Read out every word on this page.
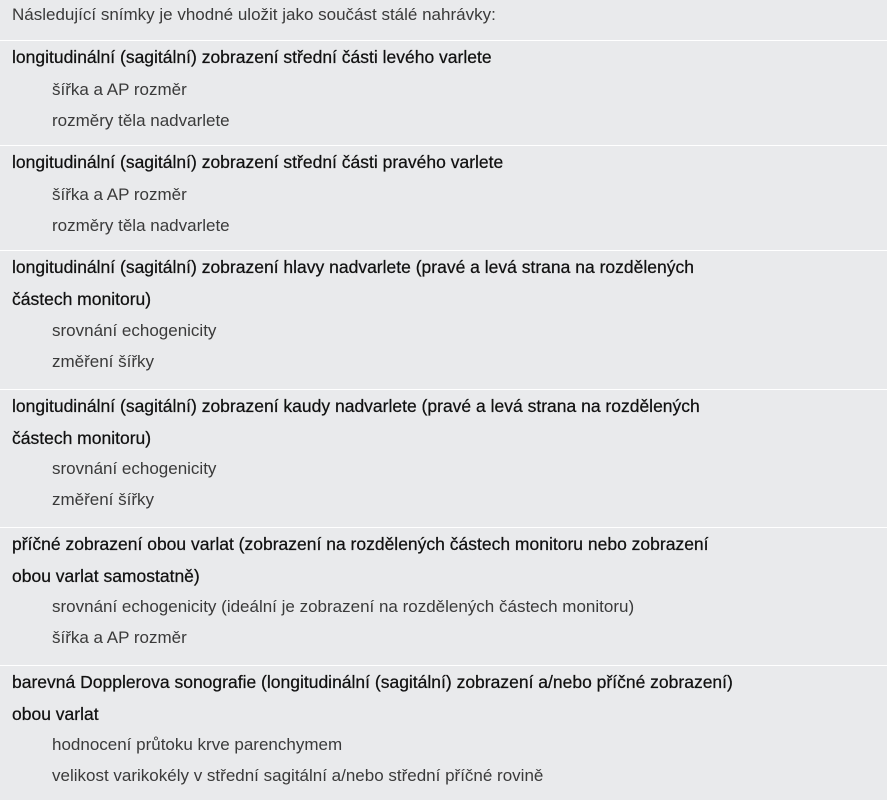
Následující snímky je vhodné uložit jako součást stálé nahrávky:
longitudinální (sagitální) zobrazení střední části levého varlete
šířka a AP rozměr
rozměry těla nadvarlete
longitudinální (sagitální) zobrazení střední části pravého varlete
šířka a AP rozměr
rozměry těla nadvarlete
longitudinální (sagitální) zobrazení hlavy nadvarlete (pravé a levá strana na rozdělených
částech monitoru)
srovnání echogenicity
změření šířky
longitudinální (sagitální) zobrazení kaudy nadvarlete (pravé a levá strana na rozdělených
částech monitoru)
srovnání echogenicity
změření šířky
příčné zobrazení obou varlat (zobrazení na rozdělených částech monitoru nebo zobrazení
obou varlat samostatně)
srovnání echogenicity (ideální je zobrazení na rozdělených částech monitoru)
šířka a AP rozměr
barevná Dopplerova sonografie (longitudinální (sagitální) zobrazení a/nebo příčné zobrazení)
obou varlat
hodnocení průtoku krve parenchymem
velikost varikokély v střední sagitální a/nebo střední příčné rovině
